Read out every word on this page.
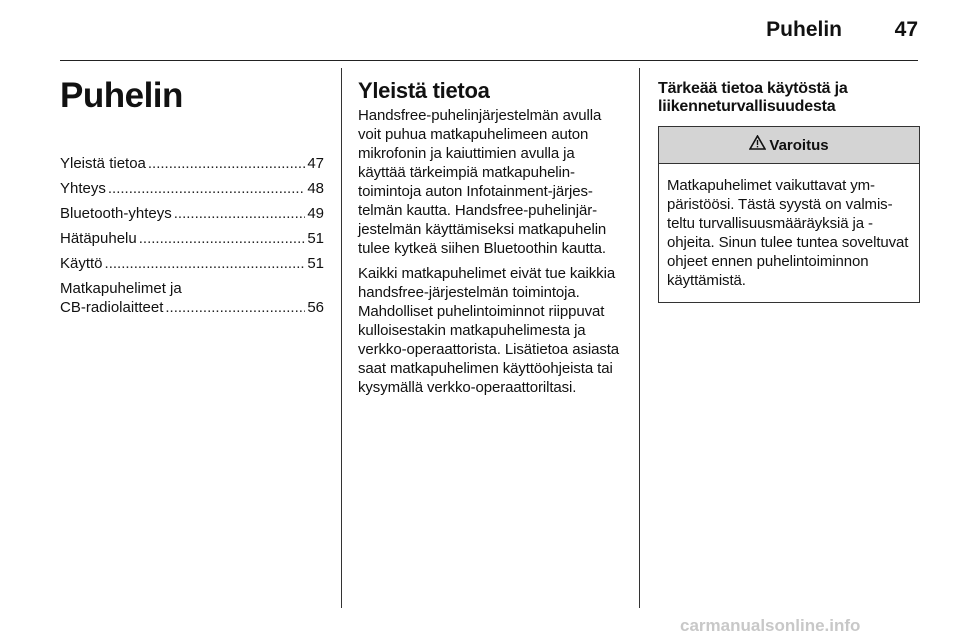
Puhelin	47
Puhelin
Yleistä tietoa .....	47
Yhteys .....	48
Bluetooth-yhteys .....	49
Hätäpuhelu .....	51
Käyttö .....	51
Matkapuhelimet ja
CB-radiolaitteet .....	56
Yleistä tietoa

Handsfree-puhelinjärjestelmän avulla voit puhua matkapuhelimeen auton mikrofonin ja kaiuttimien avulla ja käyttää tärkeimpiä matkapuhelintoimintoja auton Infotainment-järjestelmän kautta. Handsfree-puhelinjärjestelmän käyttämiseksi matkapuhelin tulee kytkeä siihen Bluetoothin kautta.

Kaikki matkapuhelimet eivät tue kaikkia handsfree-järjestelmän toimintoja. Mahdolliset puhelintoiminnot riippuvat kulloisestakin matkapuhelimesta ja verkko-operaattorista. Lisätietoa asiasta saat matkapuhelimen käyttöohjeista tai kysymällä verkko-operaattoriltasi.

Tärkeää tietoa käytöstä ja liikenneturvallisuudesta
Varoitus
Matkapuhelimet vaikuttavat ympäristöösi. Tästä syystä on valmisteltu turvallisuusmääräyksiä ja -ohjeita. Sinun tulee tuntea soveltuvat ohjeet ennen puhelintoiminnon käyttämistä.
carmanualsonline.info
